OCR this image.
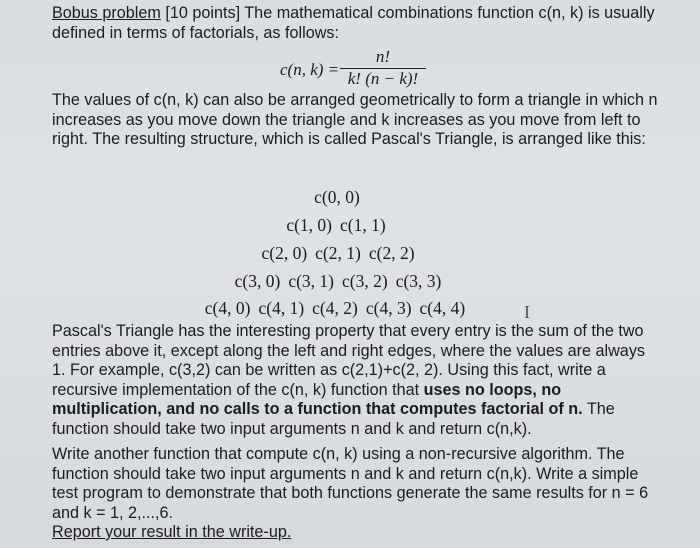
Bobus problem [10 points] The mathematical combinations function c(n, k) is usually defined in terms of factorials, as follows:
c(n, k) =
n!
k! (n − k)!
The values of c(n, k) can also be arranged geometrically to form a triangle in which n increases as you move down the triangle and k increases as you move from left to right. The resulting structure, which is called Pascal's Triangle, is arranged like this:
c(0, 0)
c(1, 0) c(1, 1)
c(2, 0) c(2, 1) c(2, 2)
c(3, 0) c(3, 1) c(3, 2) c(3, 3)
c(4, 0) c(4, 1) c(4, 2) c(4, 3) c(4, 4)	I
Pascal's Triangle has the interesting property that every entry is the sum of the two entries above it, except along the left and right edges, where the values are always 1. For example, c(3,2) can be written as c(2,1)+c(2, 2). Using this fact, write a recursive implementation of the c(n, k) function that uses no loops, no multiplication, and no calls to a function that computes factorial of n. The function should take two input arguments n and k and return c(n,k).
Write another function that compute c(n, k) using a non-recursive algorithm. The function should take two input arguments n and k and return c(n,k). Write a simple test program to demonstrate that both functions generate the same results for n = 6 and k = 1, 2,...,6.
Report your result in the write-up.
